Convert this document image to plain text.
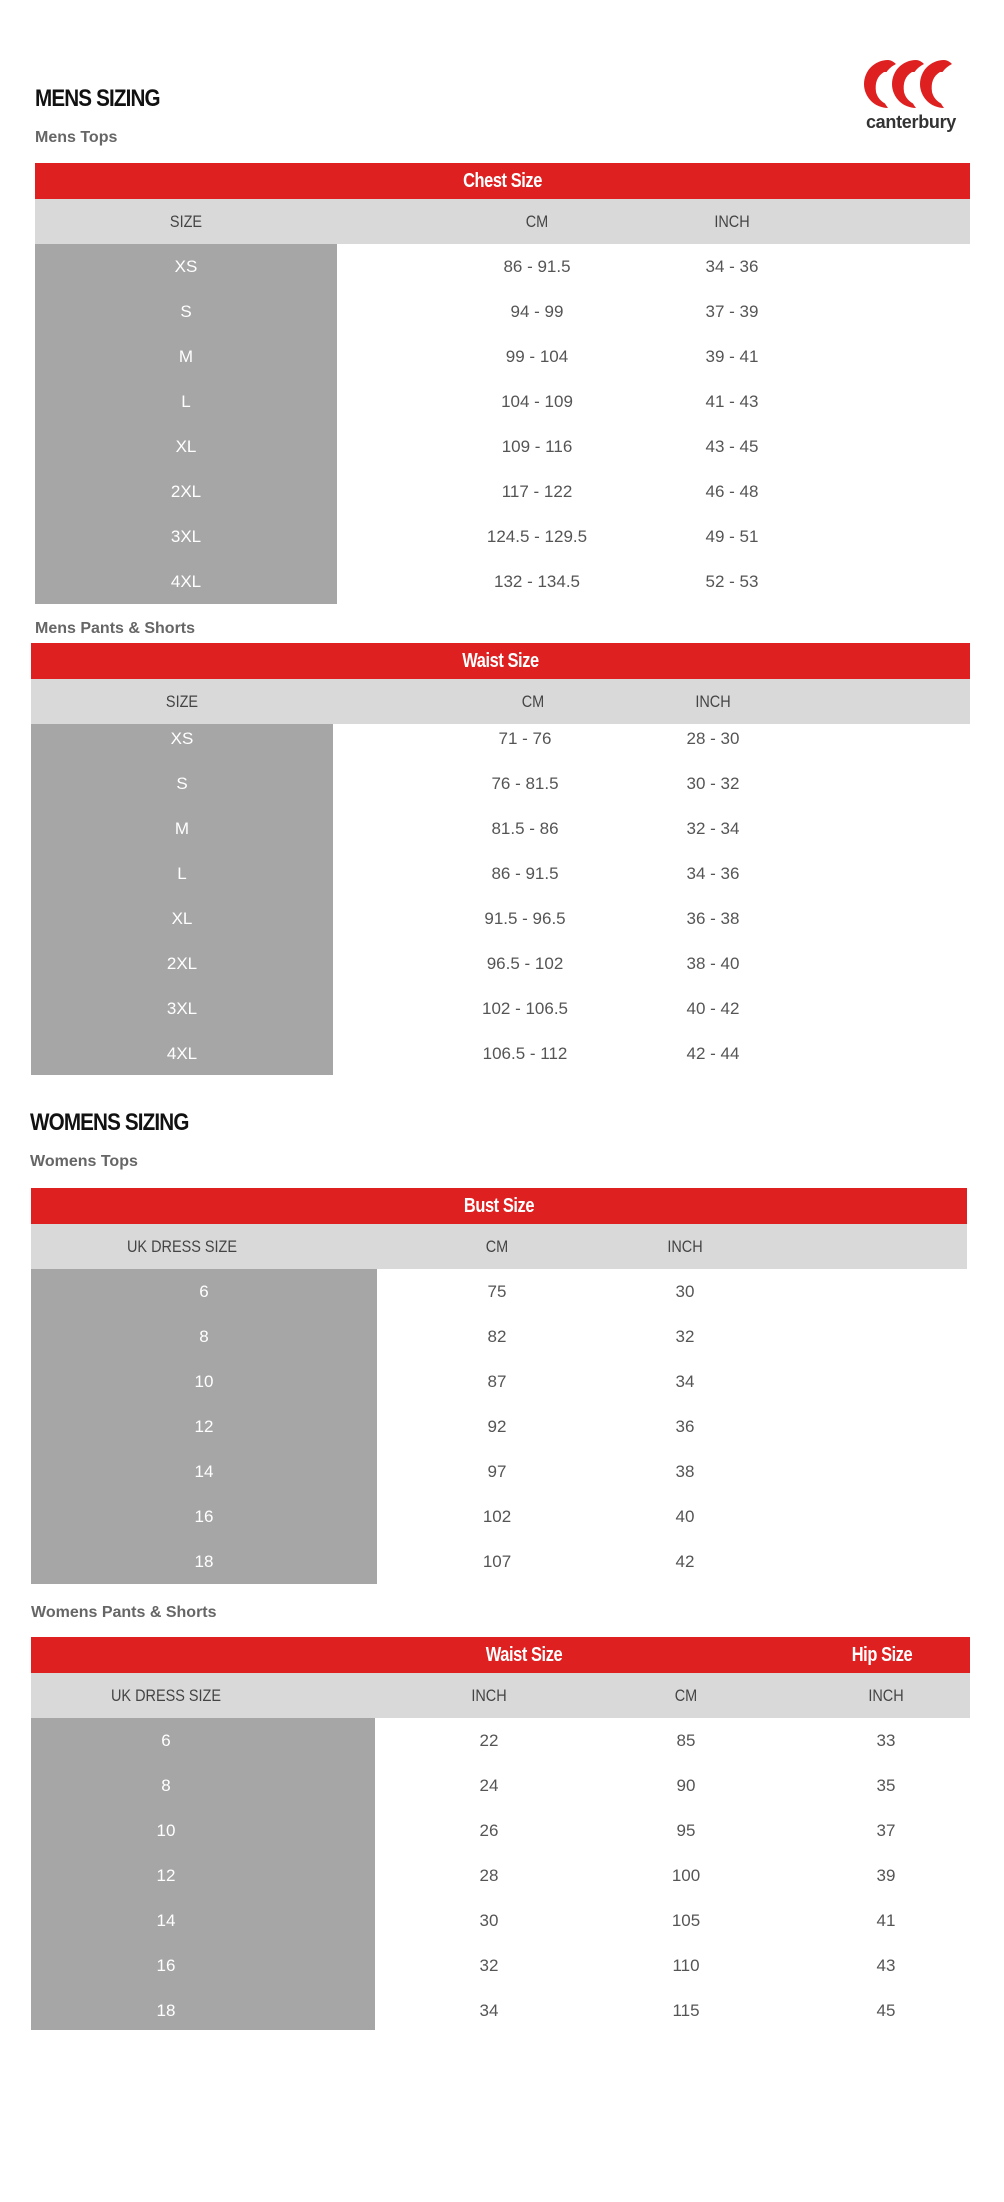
canterbury
MENS SIZING
Mens Tops
Chest Size
SIZE	CM	INCH
XS	86 - 91.5	34 - 36
S	94 - 99	37 - 39
M	99 - 104	39 - 41
L	104 - 109	41 - 43
XL	109 - 116	43 - 45
2XL	117 - 122	46 - 48
3XL	124.5 - 129.5	49 - 51
4XL	132 - 134.5	52 - 53
Mens Pants & Shorts
Waist Size
SIZE	CM	INCH
XS	71 - 76	28 - 30
S	76 - 81.5	30 - 32
M	81.5 - 86	32 - 34
L	86 - 91.5	34 - 36
XL	91.5 - 96.5	36 - 38
2XL	96.5 - 102	38 - 40
3XL	102 - 106.5	40 - 42
4XL	106.5 - 112	42 - 44
WOMENS SIZING
Womens Tops
Bust Size
UK DRESS SIZE	CM	INCH
6	75	30
8	82	32
10	87	34
12	92	36
14	97	38
16	102	40
18	107	42
Womens Pants & Shorts
Waist Size	Hip Size
UK DRESS SIZE	INCH	CM	INCH
6	22	85	33
8	24	90	35
10	26	95	37
12	28	100	39
14	30	105	41
16	32	110	43
18	34	115	45
